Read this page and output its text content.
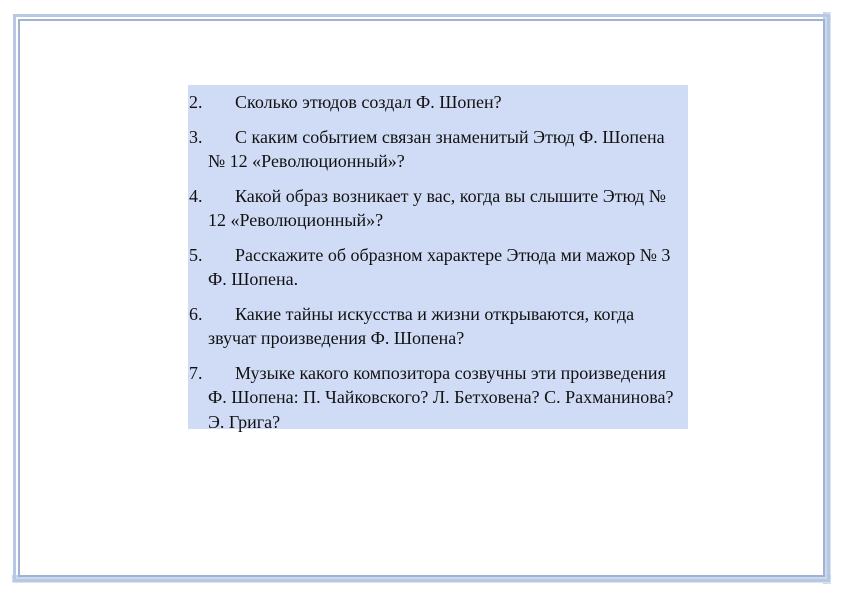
2. Сколько этюдов создал Ф. Шопен?
3. С каким событием связан знаменитый Этюд Ф. Шопена № 12 «Революционный»?
4. Какой образ возникает у вас, когда вы слышите Этюд № 12 «Революционный»?
5. Расскажите об образном характере Этюда ми мажор № 3 Ф. Шопена.
6. Какие тайны искусства и жизни открываются, когда звучат произведения Ф. Шопена?
7. Музыке какого композитора созвучны эти произведения Ф. Шопена: П. Чайковского? Л. Бетховена? С. Рахманинова? Э. Грига?
